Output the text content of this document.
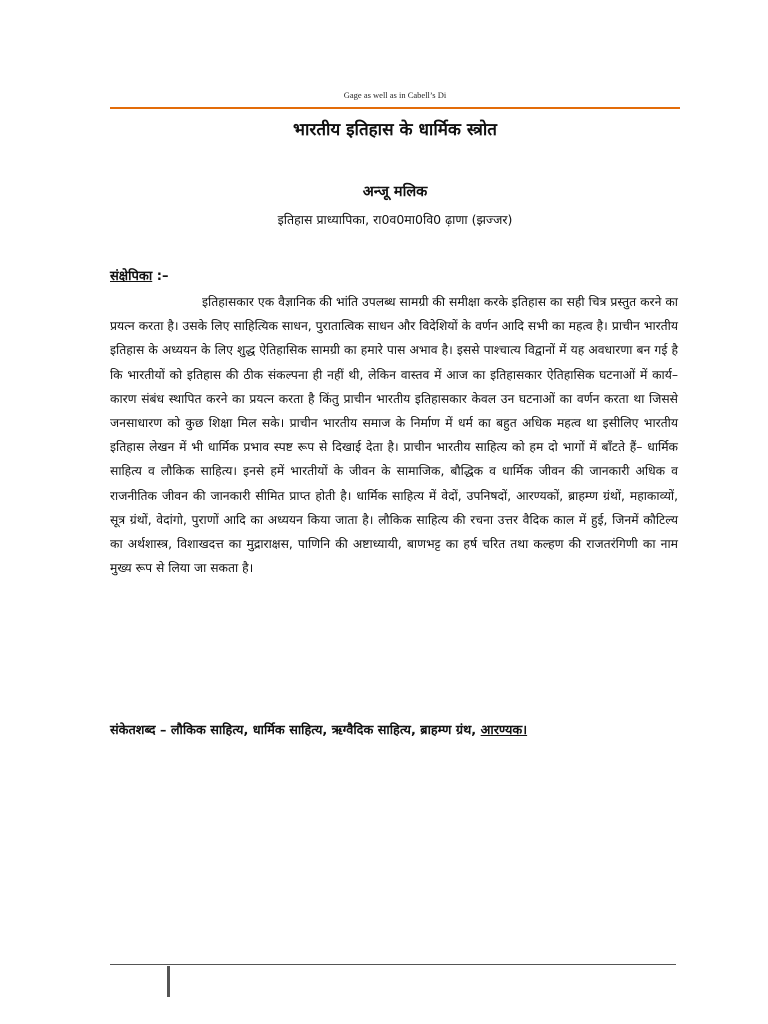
Gage as well as in Cabell’s Di
भारतीय इतिहास के धार्मिक स्त्रोत
अन्जू मलिक
इतिहास प्राध्यापिका, रा0व0मा0वि0 ढ़ाणा (झज्जर)
संक्षेपिका :–

इतिहासकार एक वैज्ञानिक की भांति उपलब्ध सामग्री की समीक्षा करके इतिहास का सही चित्र प्रस्तुत करने का प्रयत्न करता है। उसके लिए साहित्यिक साधन, पुरातात्विक साधन और विदेशियों के वर्णन आदि सभी का महत्व है। प्राचीन भारतीय इतिहास के अध्ययन के लिए शुद्ध ऐतिहासिक सामग्री का हमारे पास अभाव है। इससे पाश्चात्य विद्वानों में यह अवधारणा बन गई है कि भारतीयों को इतिहास की ठीक संकल्पना ही नहीं थी, लेकिन वास्तव में आज का इतिहासकार ऐतिहासिक घटनाओं में कार्य–कारण संबंध स्थापित करने का प्रयत्न करता है किंतु प्राचीन भारतीय इतिहासकार केवल उन घटनाओं का वर्णन करता था जिससे जनसाधारण को कुछ शिक्षा मिल सके। प्राचीन भारतीय समाज के निर्माण में धर्म का बहुत अधिक महत्व था इसीलिए भारतीय इतिहास लेखन में भी धार्मिक प्रभाव स्पष्ट रूप से दिखाई देता है। प्राचीन भारतीय साहित्य को हम दो भागों में बाँटते हैं– धार्मिक साहित्य व लौकिक साहित्य। इनसे हमें भारतीयों के जीवन के सामाजिक, बौद्धिक व धार्मिक जीवन की जानकारी अधिक व राजनीतिक जीवन की जानकारी सीमित प्राप्त होती है। धार्मिक साहित्य में वेदों, उपनिषदों, आरण्यकों, ब्राहम्ण ग्रंथों, महाकाव्यों, सूत्र ग्रंथों, वेदांगो, पुराणों आदि का अध्ययन किया जाता है। लौकिक साहित्य की रचना उत्तर वैदिक काल में हुई, जिनमें कौटिल्य का अर्थशास्त्र, विशाखदत्त का मुद्राराक्षस, पाणिनि की अष्टाध्यायी, बाणभट्ट का हर्ष चरित तथा कल्हण की राजतरंगिणी का नाम मुख्य रूप से लिया जा सकता है।

संकेतशब्द – लौकिक साहित्य, धार्मिक साहित्य, ऋग्वैदिक साहित्य, ब्राहम्ण ग्रंथ, आरण्यक।
